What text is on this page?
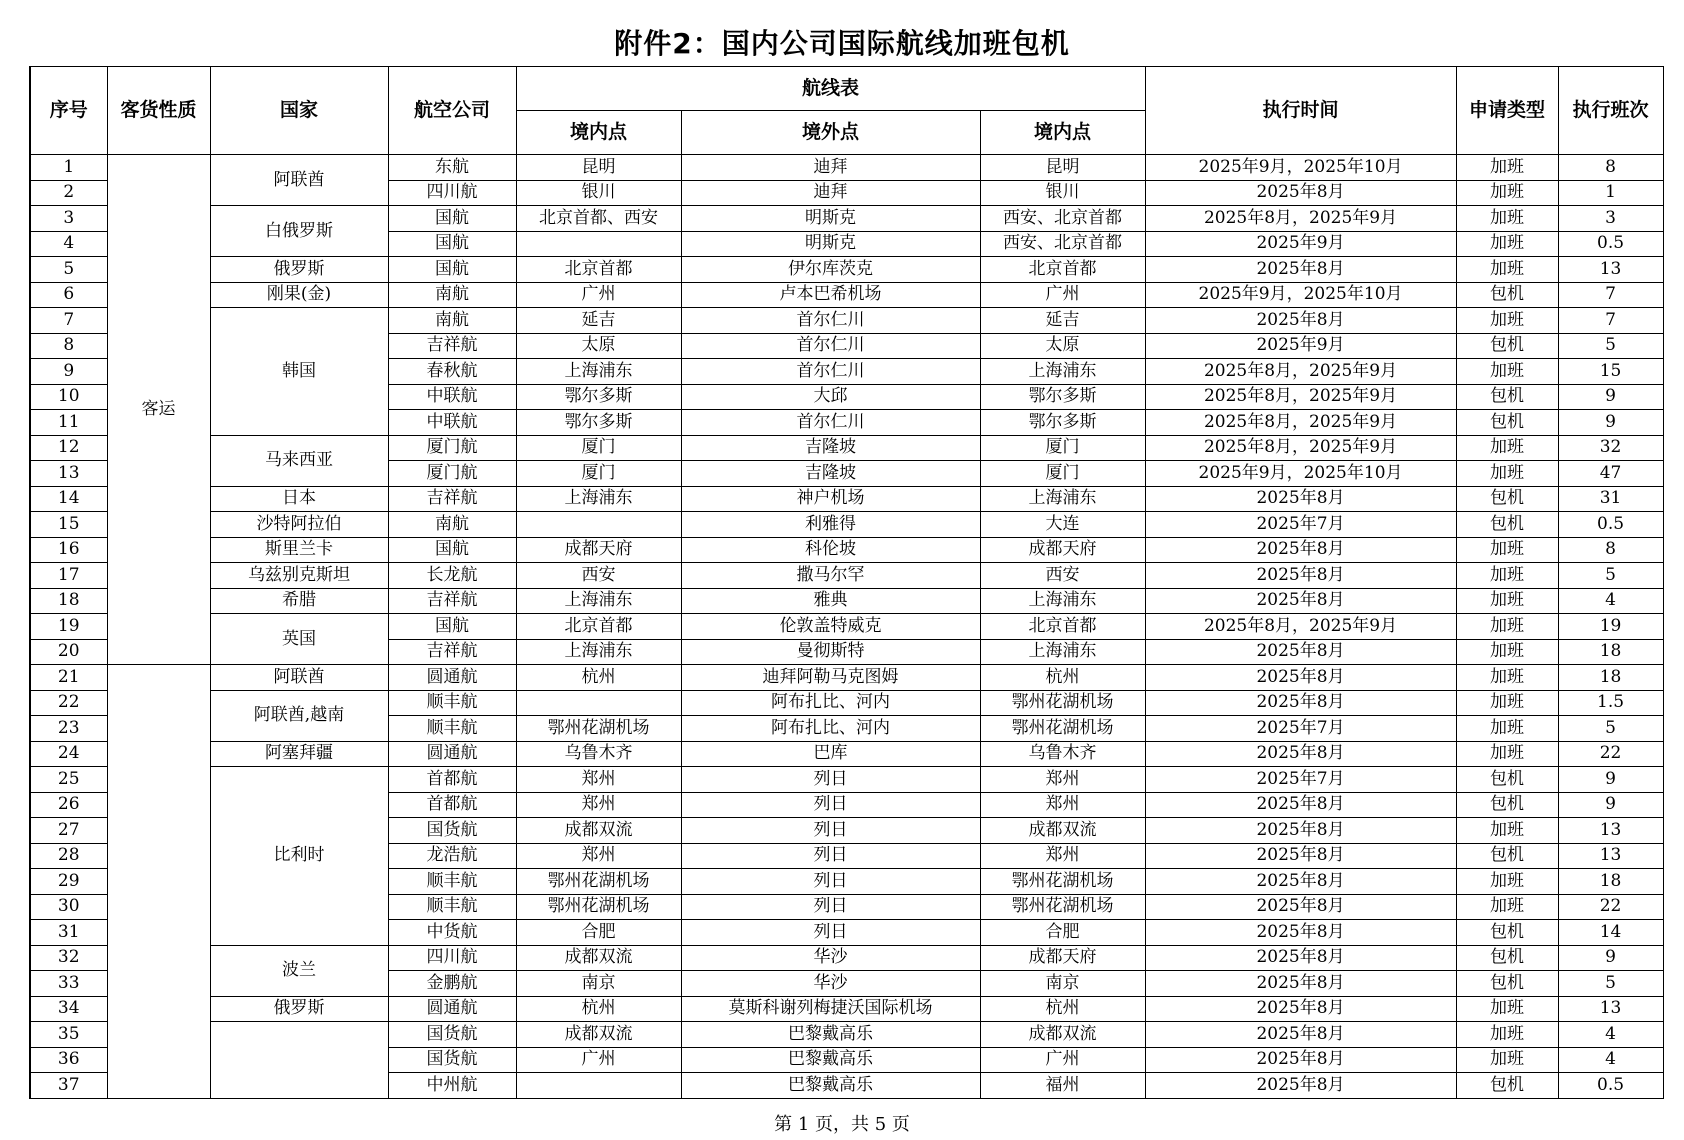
附件2：国内公司国际航线加班包机
序号	客货性质	国家	航空公司	航线表			执行时间	申请类型	执行班次
				境内点	境外点	境内点			
1	客运	阿联酋	东航	昆明	迪拜	昆明	2025年9月，2025年10月	加班	8
2			四川航	银川	迪拜	银川	2025年8月	加班	1
3		白俄罗斯	国航	北京首都、西安	明斯克	西安、北京首都	2025年8月，2025年9月	加班	3
4			国航		明斯克	西安、北京首都	2025年9月	加班	0.5
5		俄罗斯	国航	北京首都	伊尔库茨克	北京首都	2025年8月	加班	13
6		刚果(金)	南航	广州	卢本巴希机场	广州	2025年9月，2025年10月	包机	7
7		韩国	南航	延吉	首尔仁川	延吉	2025年8月	加班	7
8			吉祥航	太原	首尔仁川	太原	2025年9月	包机	5
9			春秋航	上海浦东	首尔仁川	上海浦东	2025年8月，2025年9月	加班	15
10			中联航	鄂尔多斯	大邱	鄂尔多斯	2025年8月，2025年9月	包机	9
11			中联航	鄂尔多斯	首尔仁川	鄂尔多斯	2025年8月，2025年9月	包机	9
12		马来西亚	厦门航	厦门	吉隆坡	厦门	2025年8月，2025年9月	加班	32
13			厦门航	厦门	吉隆坡	厦门	2025年9月，2025年10月	加班	47
14		日本	吉祥航	上海浦东	神户机场	上海浦东	2025年8月	包机	31
15		沙特阿拉伯	南航		利雅得	大连	2025年7月	包机	0.5
16		斯里兰卡	国航	成都天府	科伦坡	成都天府	2025年8月	加班	8
17		乌兹别克斯坦	长龙航	西安	撒马尔罕	西安	2025年8月	加班	5
18		希腊	吉祥航	上海浦东	雅典	上海浦东	2025年8月	加班	4
19		英国	国航	北京首都	伦敦盖特威克	北京首都	2025年8月，2025年9月	加班	19
20			吉祥航	上海浦东	曼彻斯特	上海浦东	2025年8月	加班	18
21		阿联酋	圆通航	杭州	迪拜阿勒马克图姆	杭州	2025年8月	加班	18
22		阿联酋,越南	顺丰航		阿布扎比、河内	鄂州花湖机场	2025年8月	加班	1.5
23			顺丰航	鄂州花湖机场	阿布扎比、河内	鄂州花湖机场	2025年7月	加班	5
24		阿塞拜疆	圆通航	乌鲁木齐	巴库	乌鲁木齐	2025年8月	加班	22
25		比利时	首都航	郑州	列日	郑州	2025年7月	包机	9
26			首都航	郑州	列日	郑州	2025年8月	包机	9
27			国货航	成都双流	列日	成都双流	2025年8月	加班	13
28			龙浩航	郑州	列日	郑州	2025年8月	包机	13
29			顺丰航	鄂州花湖机场	列日	鄂州花湖机场	2025年8月	加班	18
30			顺丰航	鄂州花湖机场	列日	鄂州花湖机场	2025年8月	加班	22
31			中货航	合肥	列日	合肥	2025年8月	包机	14
32		波兰	四川航	成都双流	华沙	成都天府	2025年8月	包机	9
33			金鹏航	南京	华沙	南京	2025年8月	包机	5
34		俄罗斯	圆通航	杭州	莫斯科谢列梅捷沃国际机场	杭州	2025年8月	加班	13
35			国货航	成都双流	巴黎戴高乐	成都双流	2025年8月	加班	4
36			国货航	广州	巴黎戴高乐	广州	2025年8月	加班	4
37			中州航		巴黎戴高乐	福州	2025年8月	包机	0.5
第 1 页，共 5 页
